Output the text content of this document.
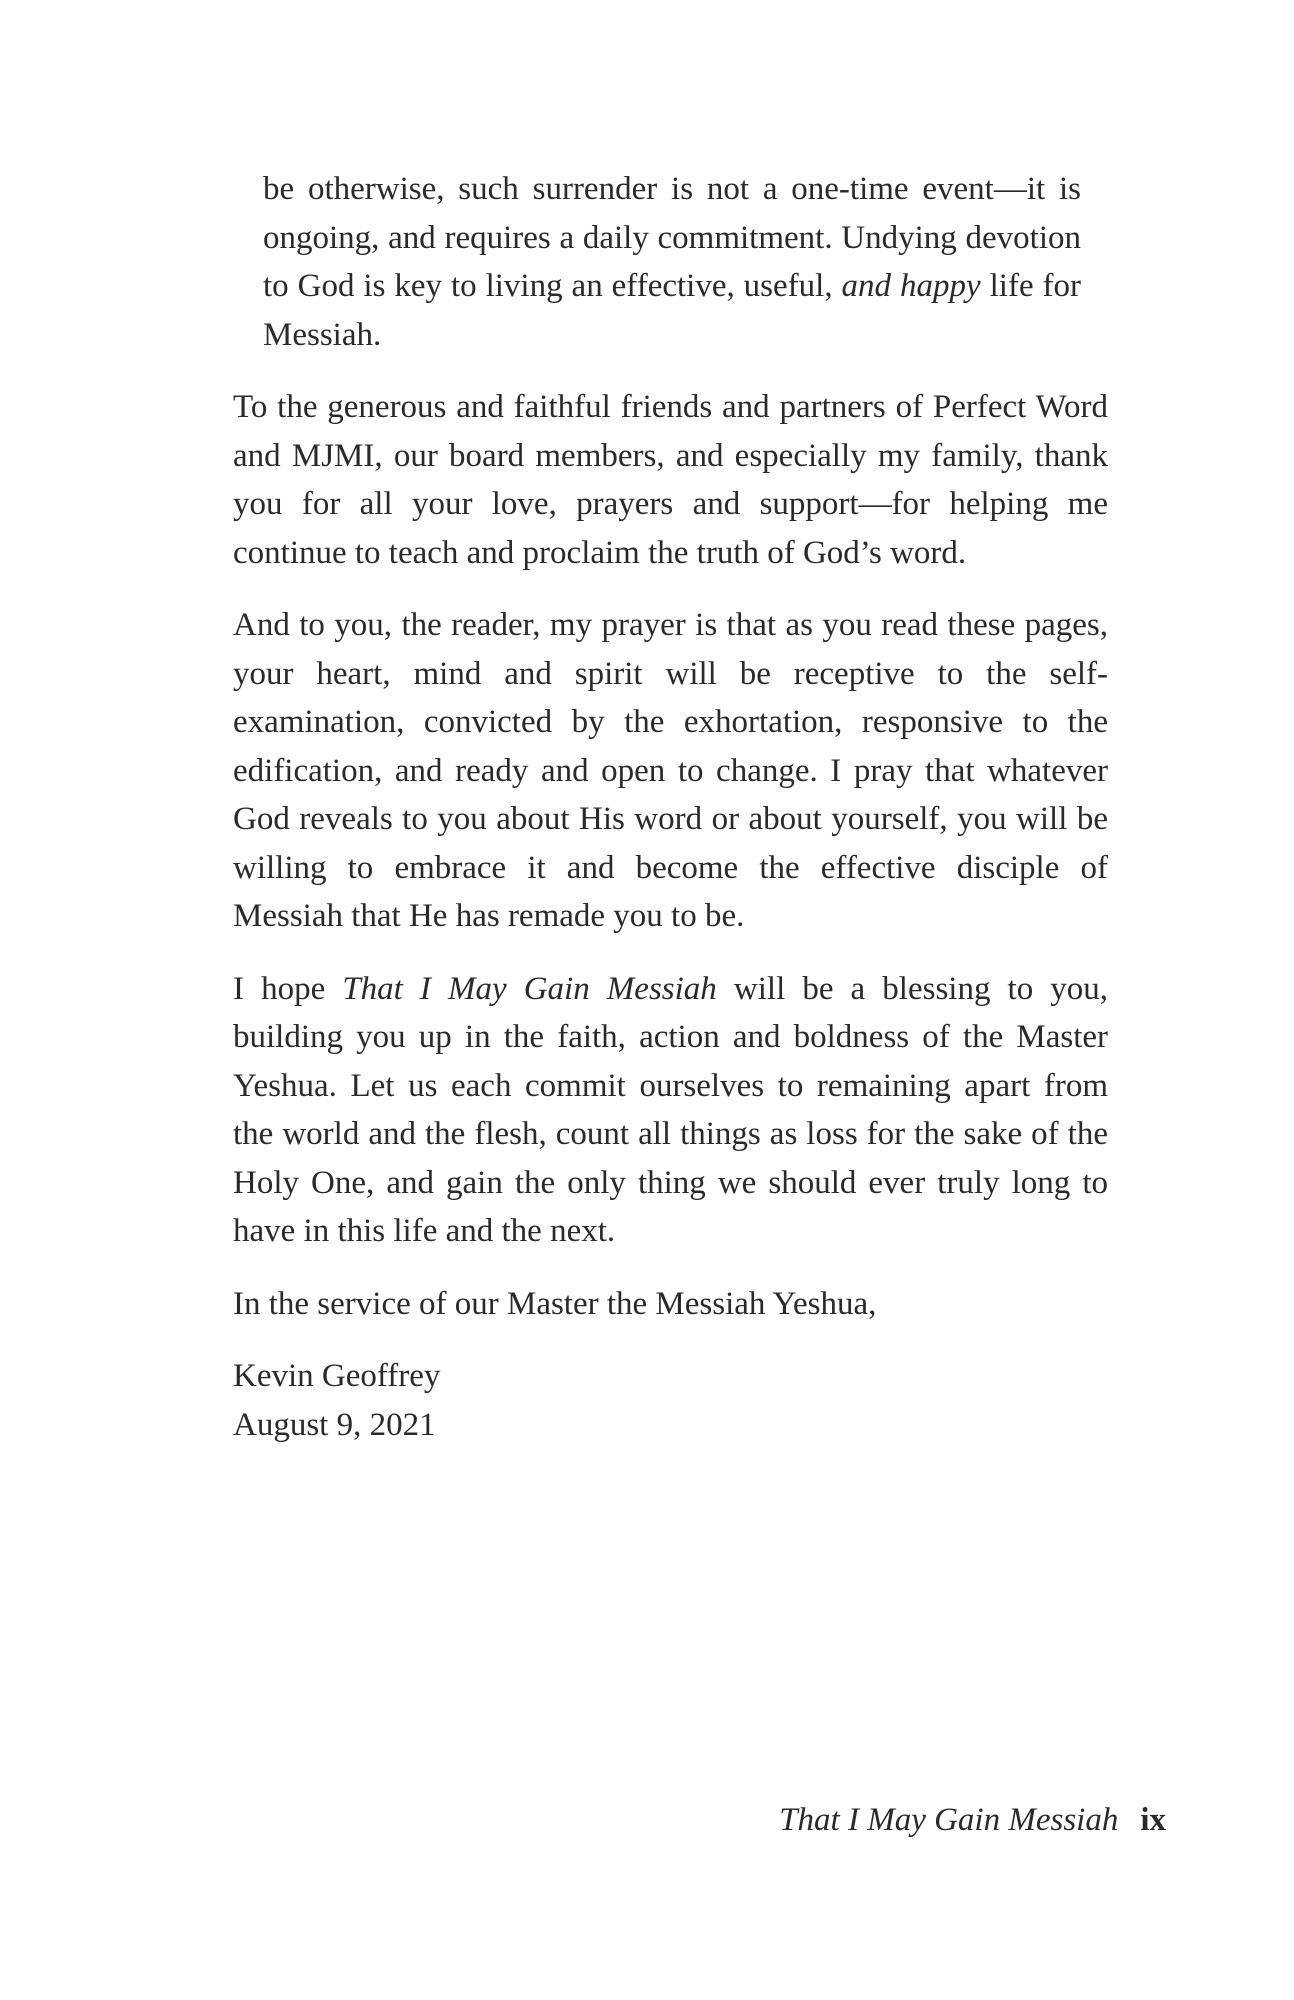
be otherwise, such surrender is not a one-time event—it is ongoing, and requires a daily commitment. Undying devotion to God is key to living an effective, useful, and happy life for Messiah.

To the generous and faithful friends and partners of Perfect Word and MJMI, our board members, and especially my family, thank you for all your love, prayers and support—for helping me continue to teach and proclaim the truth of God’s word.

And to you, the reader, my prayer is that as you read these pages, your heart, mind and spirit will be receptive to the self-examination, convicted by the exhortation, responsive to the edification, and ready and open to change. I pray that whatever God reveals to you about His word or about yourself, you will be willing to embrace it and become the effective disciple of Messiah that He has remade you to be.

I hope That I May Gain Messiah will be a blessing to you, building you up in the faith, action and boldness of the Master Yeshua. Let us each commit ourselves to remaining apart from the world and the flesh, count all things as loss for the sake of the Holy One, and gain the only thing we should ever truly long to have in this life and the next.

In the service of our Master the Messiah Yeshua,

Kevin Geoffrey
August 9, 2021

That I May Gain Messiah ix
